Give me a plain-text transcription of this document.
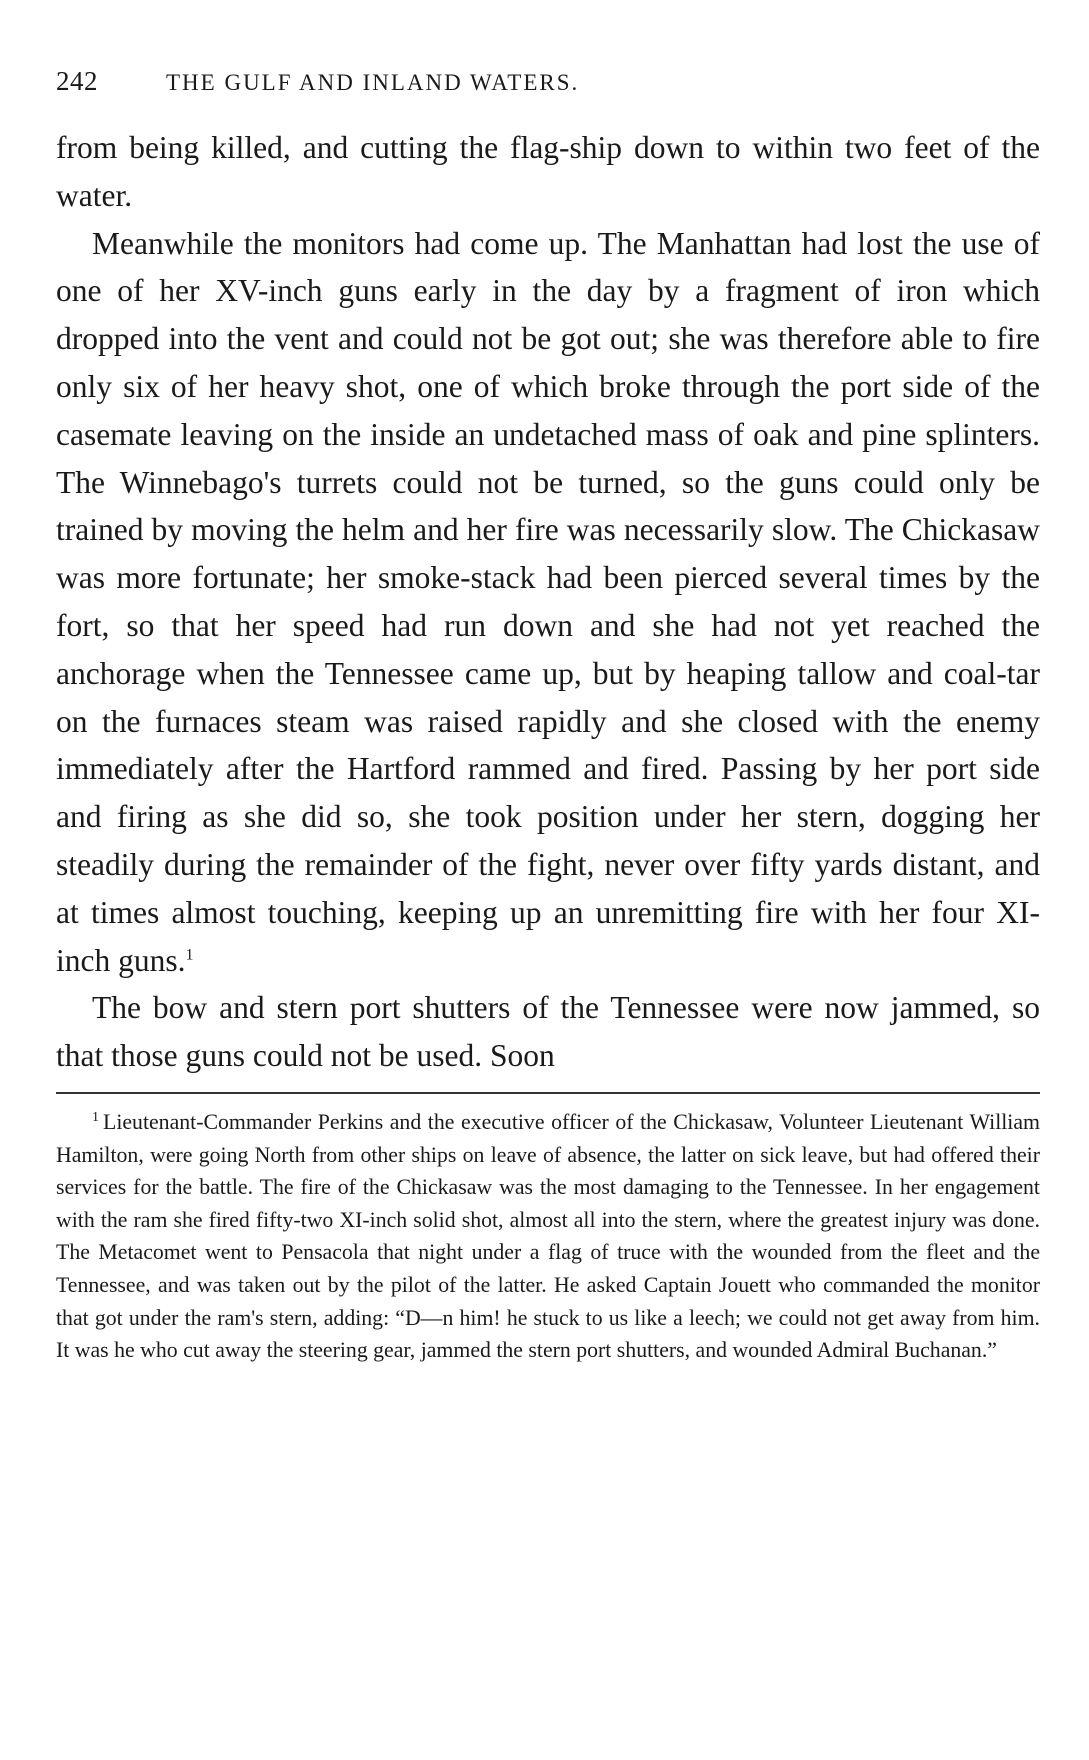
242	THE GULF AND INLAND WATERS.

from being killed, and cutting the flag-ship down to within two feet of the water.

Meanwhile the monitors had come up. The Manhattan had lost the use of one of her XV-inch guns early in the day by a fragment of iron which dropped into the vent and could not be got out; she was therefore able to fire only six of her heavy shot, one of which broke through the port side of the casemate leaving on the inside an undetached mass of oak and pine splinters. The Winnebago's turrets could not be turned, so the guns could only be trained by moving the helm and her fire was necessarily slow. The Chickasaw was more fortunate; her smoke-stack had been pierced several times by the fort, so that her speed had run down and she had not yet reached the anchorage when the Tennessee came up, but by heaping tallow and coal-tar on the furnaces steam was raised rapidly and she closed with the enemy immediately after the Hartford rammed and fired. Passing by her port side and firing as she did so, she took position under her stern, dogging her steadily during the remainder of the fight, never over fifty yards distant, and at times almost touching, keeping up an unremitting fire with her four XI-inch guns.$^1$

The bow and stern port shutters of the Tennessee were now jammed, so that those guns could not be used. Soon

$^1$ Lieutenant-Commander Perkins and the executive officer of the Chickasaw, Volunteer Lieutenant William Hamilton, were going North from other ships on leave of absence, the latter on sick leave, but had offered their services for the battle. The fire of the Chickasaw was the most damaging to the Tennessee. In her engagement with the ram she fired fifty-two XI-inch solid shot, almost all into the stern, where the greatest injury was done. The Metacomet went to Pensacola that night under a flag of truce with the wounded from the fleet and the Tennessee, and was taken out by the pilot of the latter. He asked Captain Jouett who commanded the monitor that got under the ram's stern, adding: “D—n him! he stuck to us like a leech; we could not get away from him. It was he who cut away the steering gear, jammed the stern port shutters, and wounded Admiral Buchanan.”
